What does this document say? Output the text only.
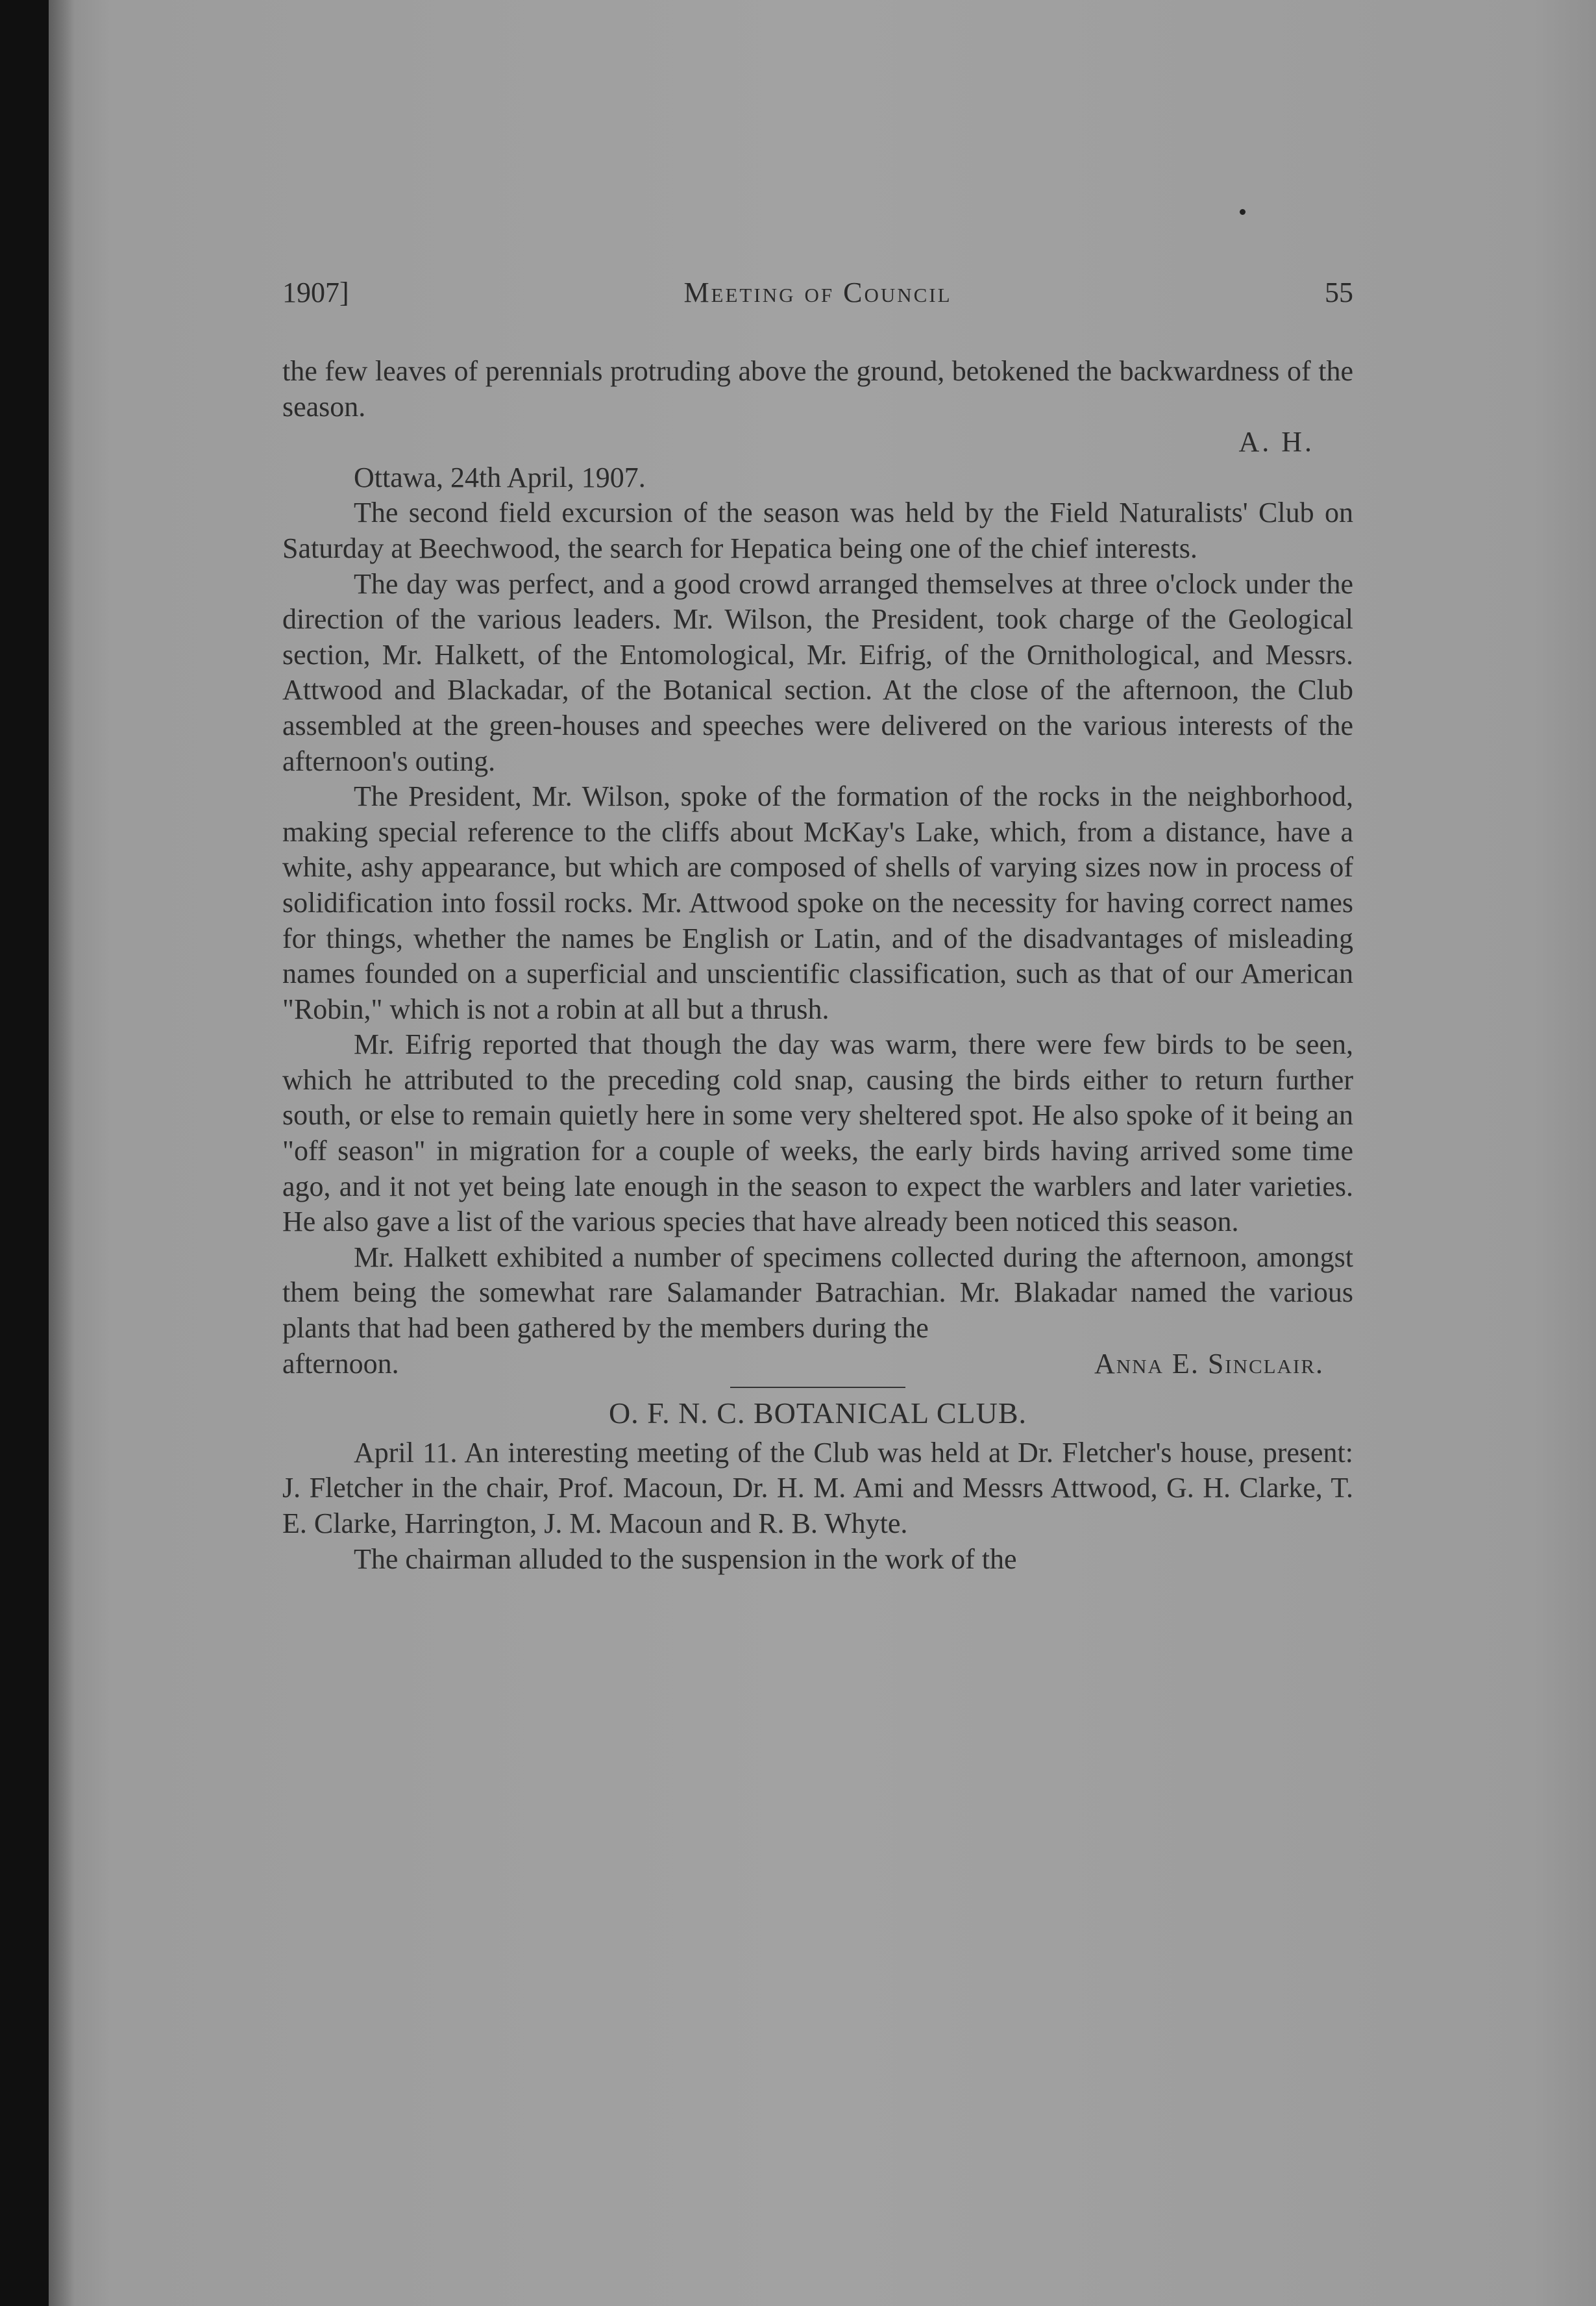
1907]	Meeting of Council	55

the few leaves of perennials protruding above the ground, betokened the backwardness of the season.

A. H.

Ottawa, 24th April, 1907.

The second field excursion of the season was held by the Field Naturalists' Club on Saturday at Beechwood, the search for Hepatica being one of the chief interests.

The day was perfect, and a good crowd arranged themselves at three o'clock under the direction of the various leaders. Mr. Wilson, the President, took charge of the Geological section, Mr. Halkett, of the Entomological, Mr. Eifrig, of the Ornithological, and Messrs. Attwood and Blackadar, of the Botanical section. At the close of the afternoon, the Club assembled at the green-houses and speeches were delivered on the various interests of the afternoon's outing.

The President, Mr. Wilson, spoke of the formation of the rocks in the neighborhood, making special reference to the cliffs about McKay's Lake, which, from a distance, have a white, ashy appearance, but which are composed of shells of varying sizes now in process of solidification into fossil rocks. Mr. Attwood spoke on the necessity for having correct names for things, whether the names be English or Latin, and of the disadvantages of misleading names founded on a superficial and unscientific classification, such as that of our American "Robin," which is not a robin at all but a thrush.

Mr. Eifrig reported that though the day was warm, there were few birds to be seen, which he attributed to the preceding cold snap, causing the birds either to return further south, or else to remain quietly here in some very sheltered spot. He also spoke of it being an "off season" in migration for a couple of weeks, the early birds having arrived some time ago, and it not yet being late enough in the season to expect the warblers and later varieties. He also gave a list of the various species that have already been noticed this season.

Mr. Halkett exhibited a number of specimens collected during the afternoon, amongst them being the somewhat rare Salamander Batrachian. Mr. Blakadar named the various plants that had been gathered by the members during the

afternoon.	Anna E. Sinclair.
O. F. N. C. BOTANICAL CLUB.

April 11. An interesting meeting of the Club was held at Dr. Fletcher's house, present: J. Fletcher in the chair, Prof. Macoun, Dr. H. M. Ami and Messrs Attwood, G. H. Clarke, T. E. Clarke, Harrington, J. M. Macoun and R. B. Whyte.

The chairman alluded to the suspension in the work of the
